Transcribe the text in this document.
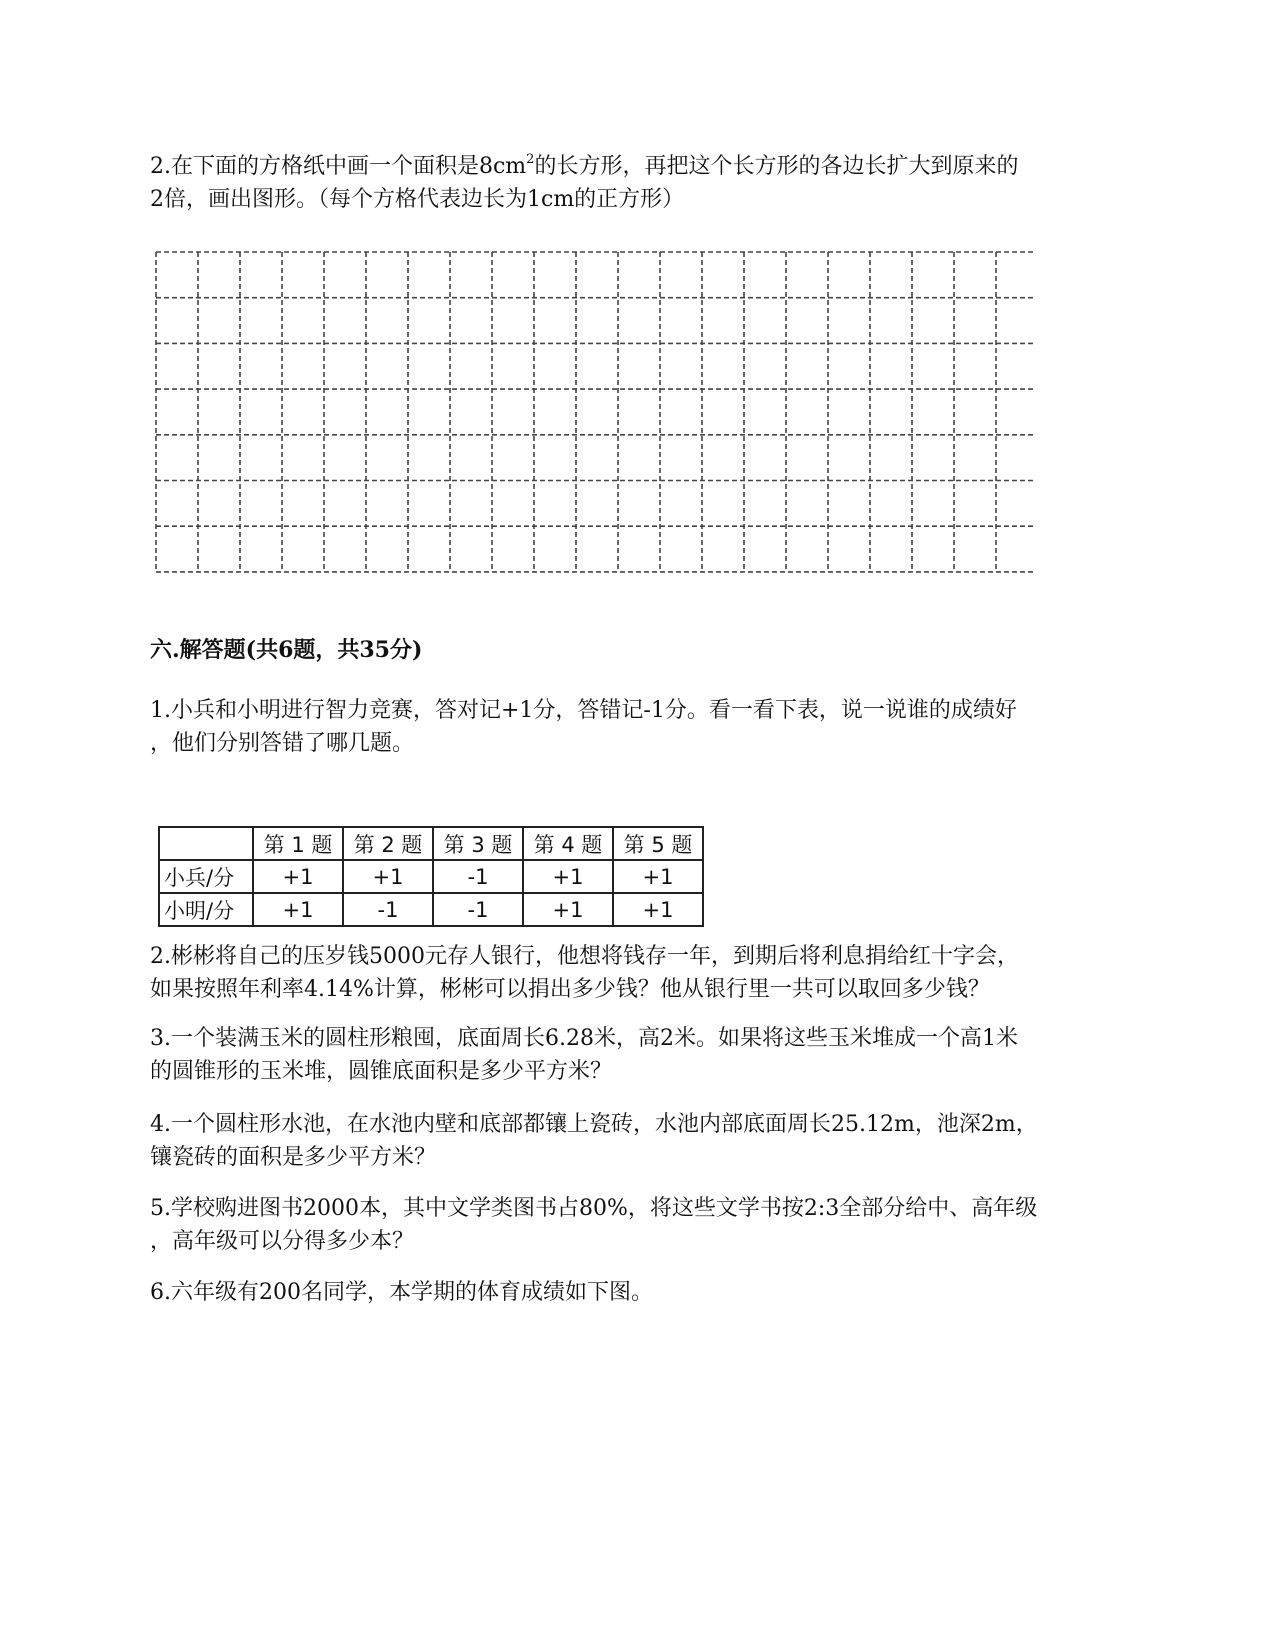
2.在下面的方格纸中画一个面积是$8cm^2$的长方形，再把这个长方形的各边长扩大到原来的
2倍，画出图形。（每个方格代表边长为1cm的正方形）

六.解答题(共6题，共35分)

1.小兵和小明进行智力竞赛，答对记+1分，答错记-1分。看一看下表，说一说谁的成绩好
，他们分别答错了哪几题。

	第 1 题	第 2 题	第 3 题	第 4 题	第 5 题
小兵/分	+1	+1	-1	+1	+1
小明/分	+1	-1	-1	+1	+1

2.彬彬将自己的压岁钱5000元存人银行，他想将钱存一年，到期后将利息捐给红十字会，
如果按照年利率4.14%计算，彬彬可以捐出多少钱？他从银行里一共可以取回多少钱？

3.一个装满玉米的圆柱形粮囤，底面周长6.28米，高2米。如果将这些玉米堆成一个高1米
的圆锥形的玉米堆，圆锥底面积是多少平方米？

4.一个圆柱形水池，在水池内壁和底部都镶上瓷砖，水池内部底面周长25.12m，池深2m，
镶瓷砖的面积是多少平方米？

5.学校购进图书2000本，其中文学类图书占80%，将这些文学书按2:3全部分给中、高年级
，高年级可以分得多少本？

6.六年级有200名同学，本学期的体育成绩如下图。
